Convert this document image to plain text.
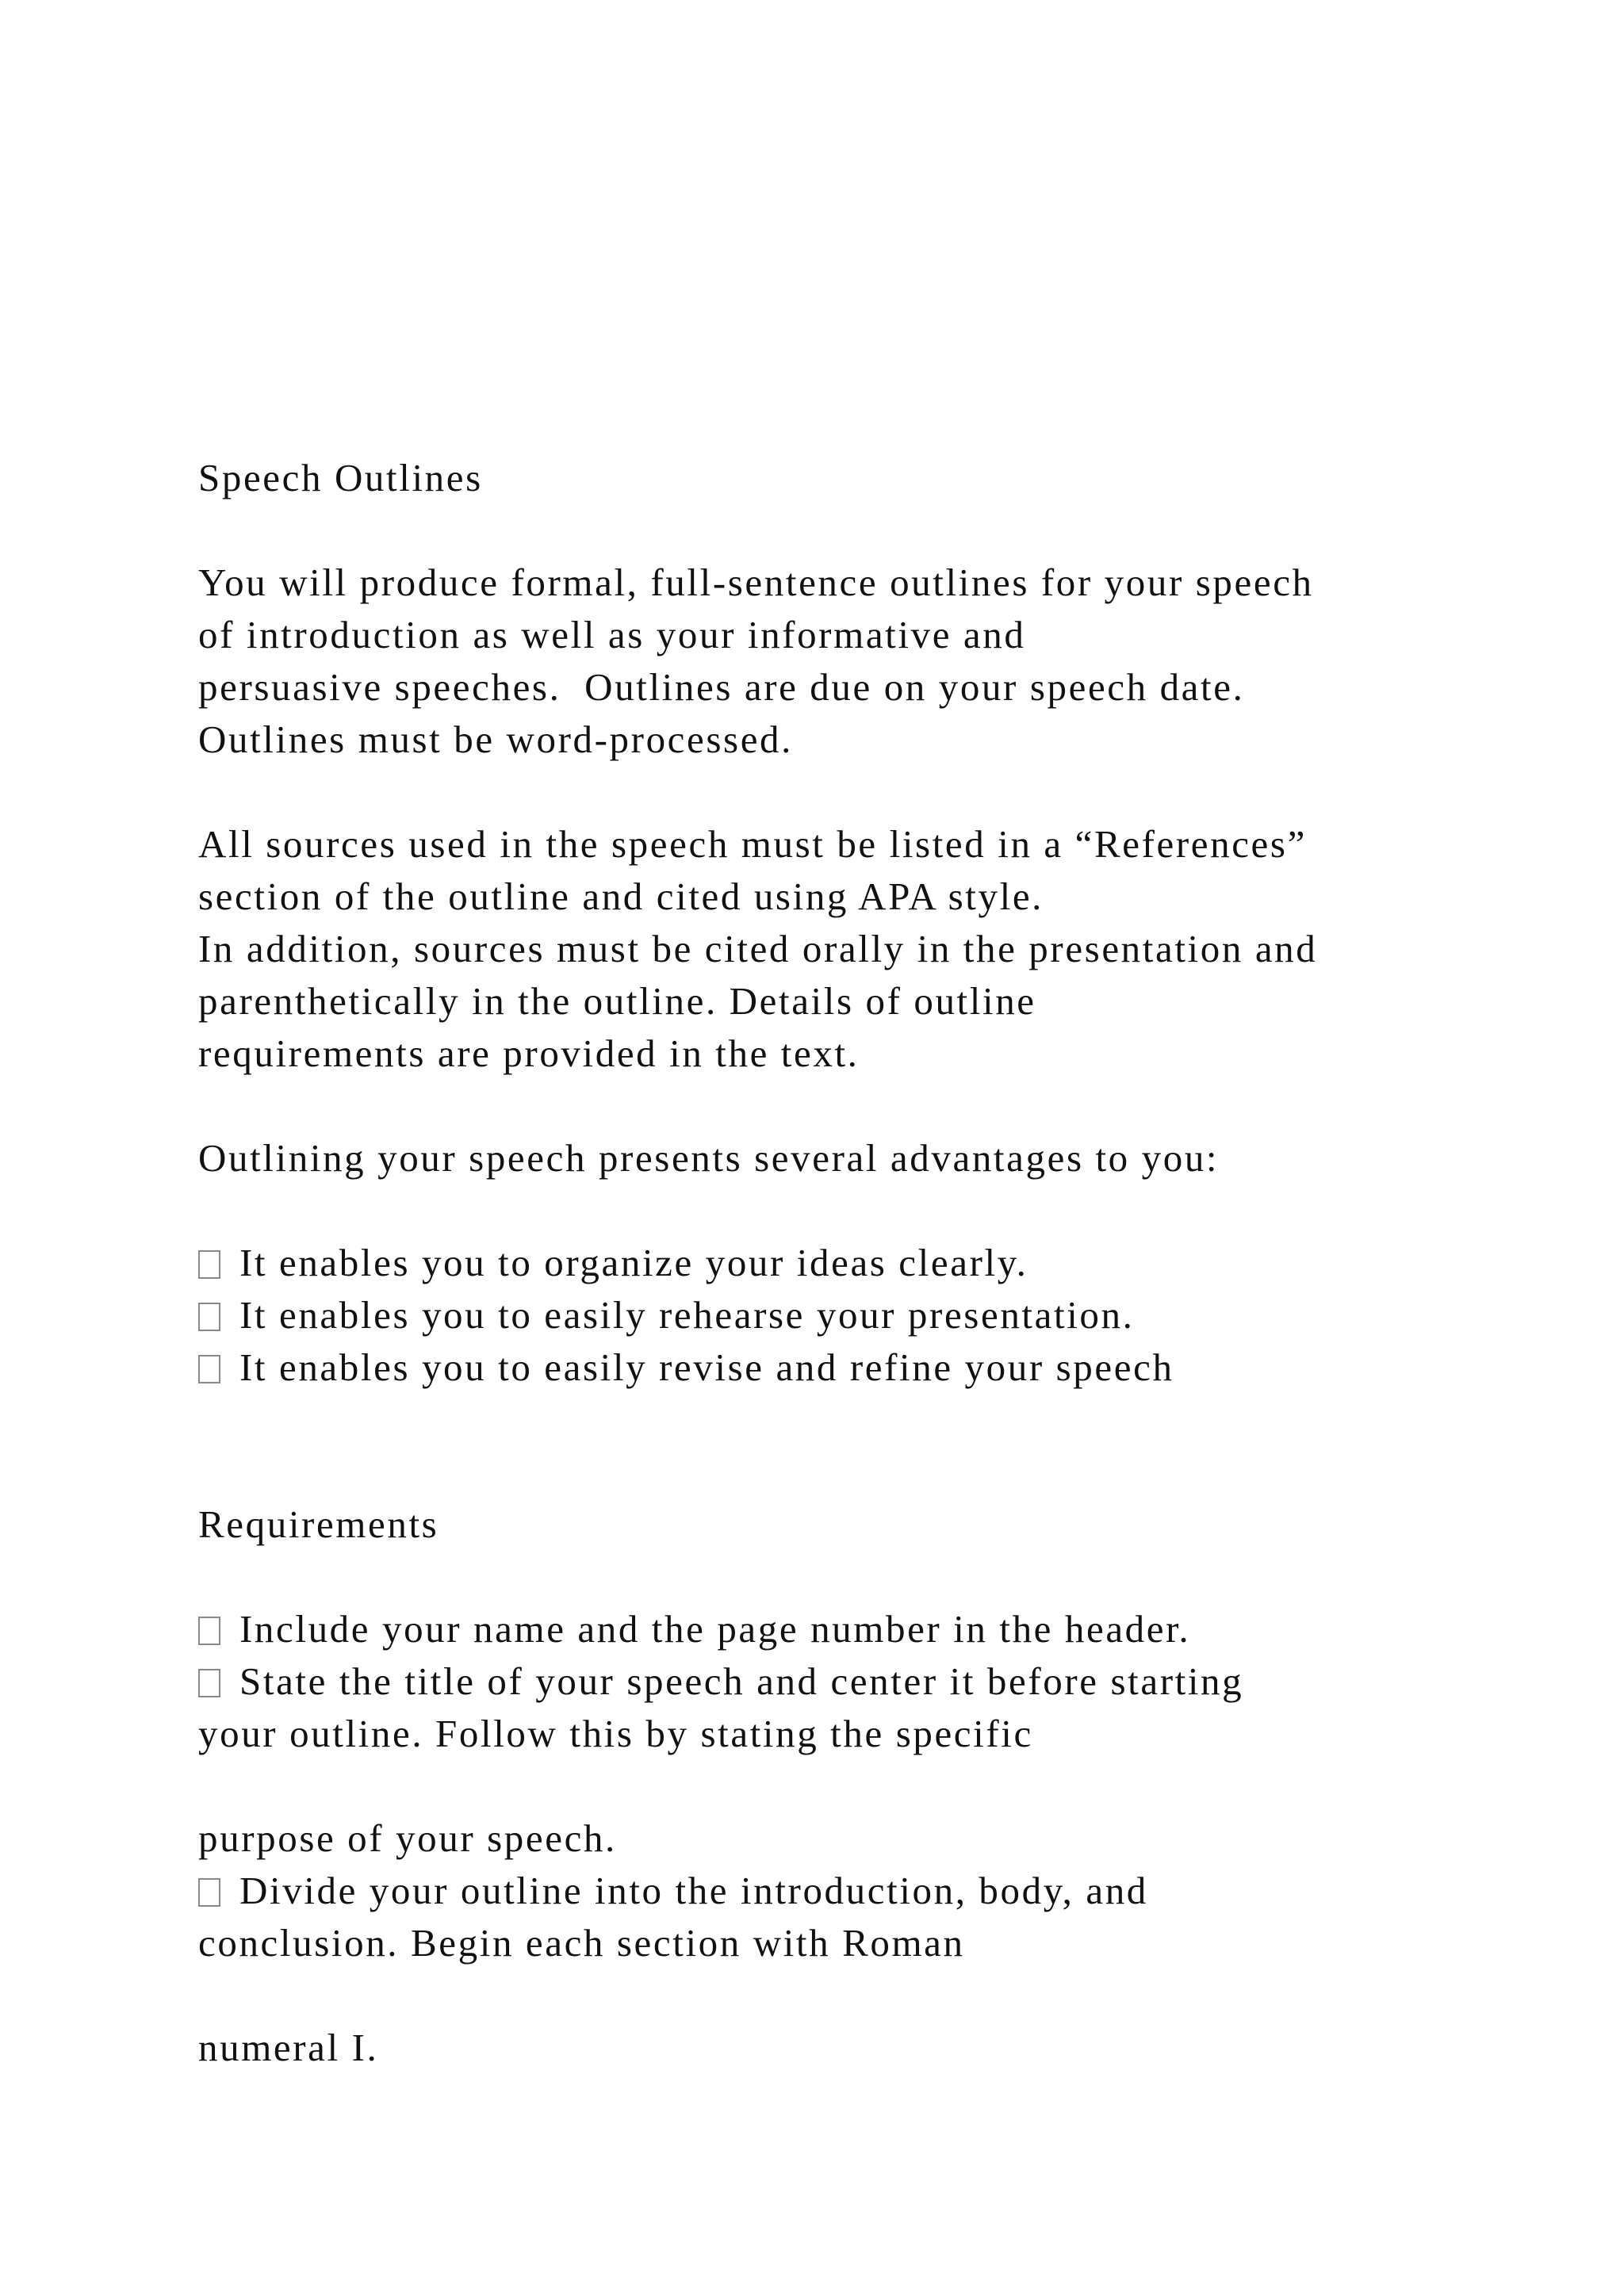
Speech Outlines
You will produce formal, full-sentence outlines for your speech
of introduction as well as your informative and
persuasive speeches.  Outlines are due on your speech date.
Outlines must be word-processed.
All sources used in the speech must be listed in a “References”
section of the outline and cited using APA style.
In addition, sources must be cited orally in the presentation and
parenthetically in the outline. Details of outline
requirements are provided in the text.
Outlining your speech presents several advantages to you:
It enables you to organize your ideas clearly.
It enables you to easily rehearse your presentation.
It enables you to easily revise and refine your speech
Requirements
Include your name and the page number in the header.
State the title of your speech and center it before starting
your outline. Follow this by stating the specific
purpose of your speech.
Divide your outline into the introduction, body, and
conclusion. Begin each section with Roman
numeral I.
